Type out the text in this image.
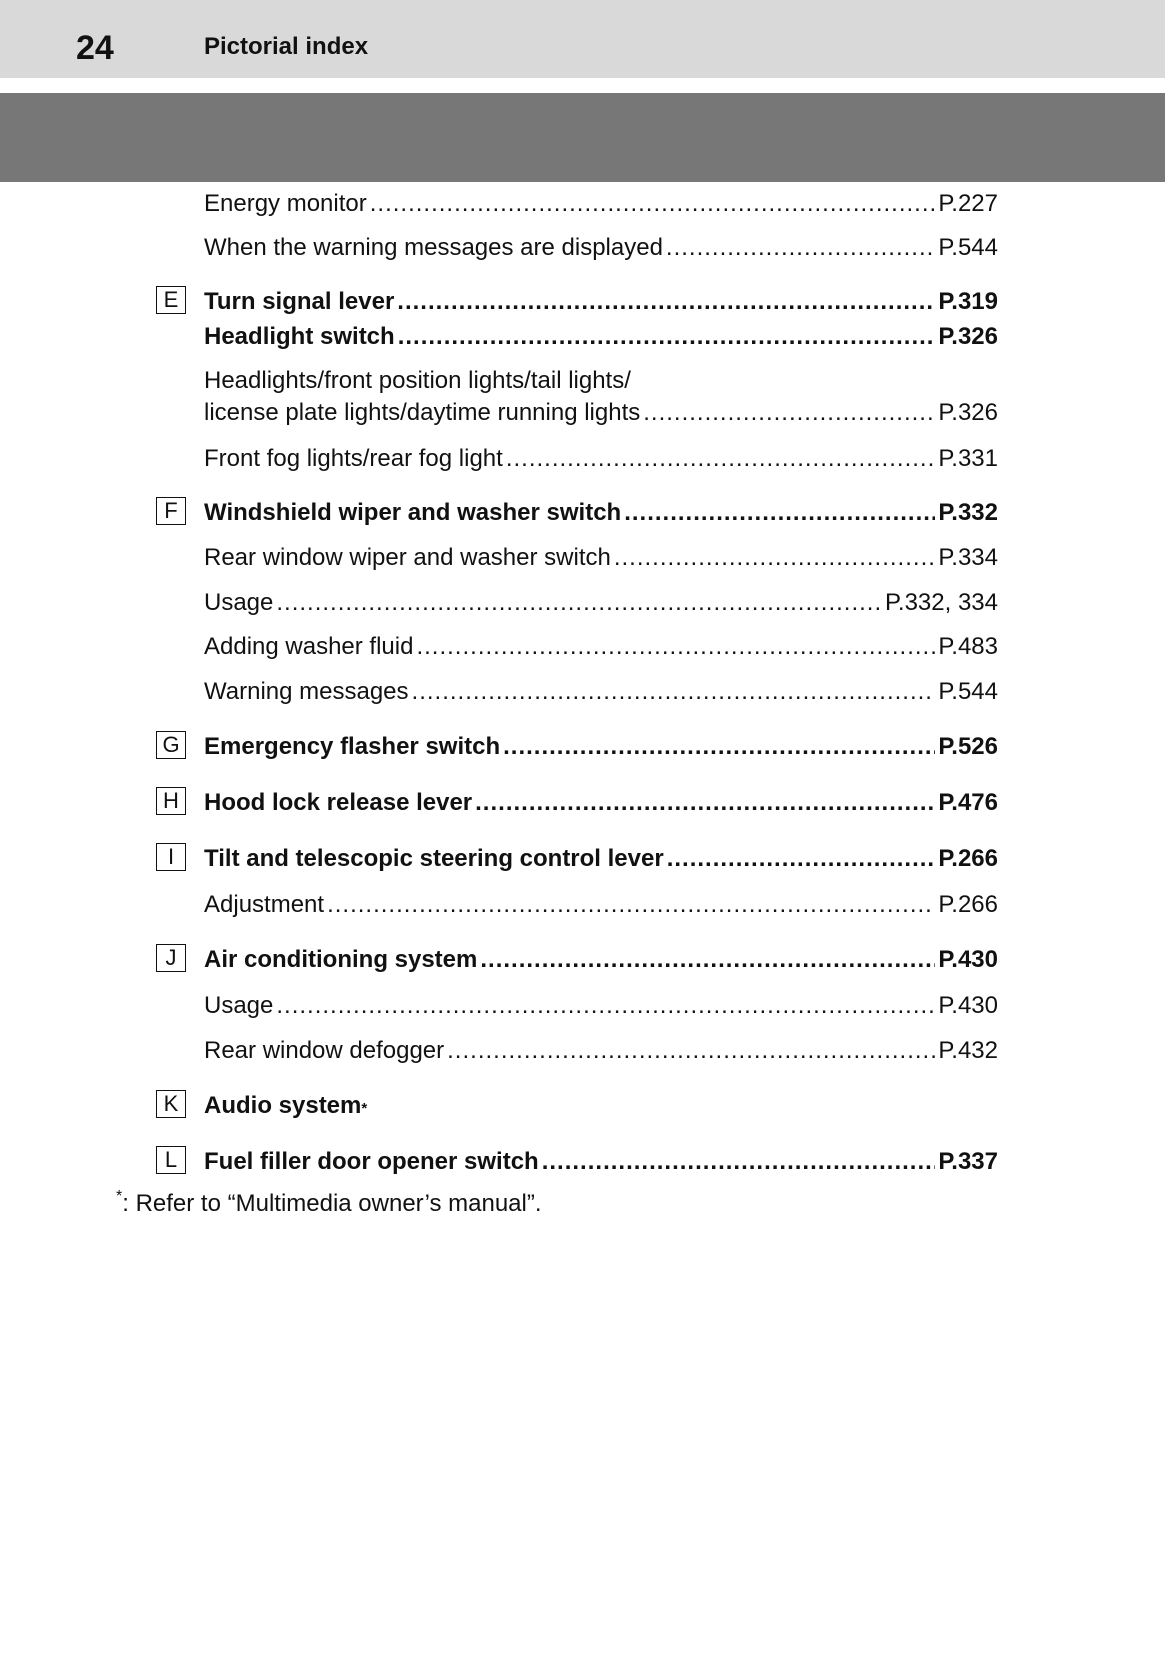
24	Pictorial index
Energy monitor .....	P.227
When the warning messages are displayed .....	P.544
E	Turn signal lever .....	P.319
Headlight switch .....	P.326
Headlights/front position lights/tail lights/
license plate lights/daytime running lights .....	P.326
Front fog lights/rear fog light .....	P.331
F	Windshield wiper and washer switch .....	P.332
Rear window wiper and washer switch .....	P.334
Usage .....	P.332, 334
Adding washer fluid .....	P.483
Warning messages .....	P.544
G Emergency flasher switch .....	P.526
H Hood lock release lever .....	P.476
I	Tilt and telescopic steering control lever .....	P.266
Adjustment .....	P.266
J	Air conditioning system .....	P.430
Usage .....	P.430
Rear window defogger .....	P.432
K	Audio system *
L	Fuel filler door opener switch .....	P.337
*: Refer to “Multimedia owner’s manual”.
